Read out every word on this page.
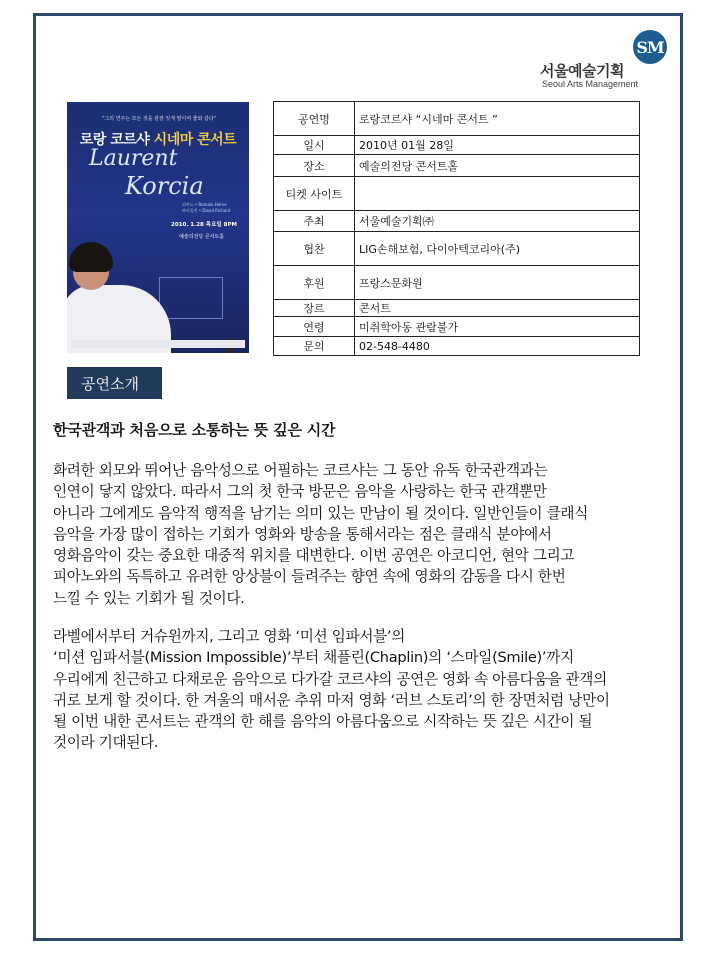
SM
서울예술기획
Seoul Arts Management
"그의 연주는 모든 것을 잠잠 잊게 말이며 좋와 같다"
로랑 코르샤 시네마 콘서트
Laurent
Korcia
피아노 • Romain Herve
바이올린 • David Richard
2010. 1.28 목요일 8PM
예술의전당 콘서트홀
공연명	로랑코르샤 “시네마 콘서트 ”
일시	2010년 01월 28일
장소	예술의전당 콘서트홀
티켓 사이트	
주최	서울예술기획㈜
협찬	LIG손해보험, 다이아텍코리아(주)
후원	프랑스문화원
장르	콘서트
연령	미취학아동 관람불가
문의	02-548-4480
공연소개
한국관객과 처음으로 소통하는 뜻 깊은 시간
화려한 외모와 뛰어난 음악성으로 어필하는 코르샤는 그 동안 유독 한국관객과는
인연이 닿지 않았다. 따라서 그의 첫 한국 방문은 음악을 사랑하는 한국 관객뿐만
아니라 그에게도 음악적 행적을 남기는 의미 있는 만남이 될 것이다. 일반인들이 클래식
음악을 가장 많이 접하는 기회가 영화와 방송을 통해서라는 점은 클래식 분야에서
영화음악이 갖는 중요한 대중적 위치를 대변한다. 이번 공연은 아코디언, 현악 그리고
피아노와의 독특하고 유려한 앙상블이 들려주는 향연 속에 영화의 감동을 다시 한번
느낄 수 있는 기회가 될 것이다.
라벨에서부터 거슈윈까지, 그리고 영화 ‘미션 임파서블’의
‘미션 임파서블(Mission Impossible)’부터 채플린(Chaplin)의 ‘스마일(Smile)’까지
우리에게 친근하고 다채로운 음악으로 다가갈 코르샤의 공연은 영화 속 아름다움을 관객의
귀로 보게 할 것이다. 한 겨울의 매서운 추위 마저 영화 ‘러브 스토리’의 한 장면처럼 낭만이
될 이번 내한 콘서트는 관객의 한 해를 음악의 아름다움으로 시작하는 뜻 깊은 시간이 될
것이라 기대된다.
